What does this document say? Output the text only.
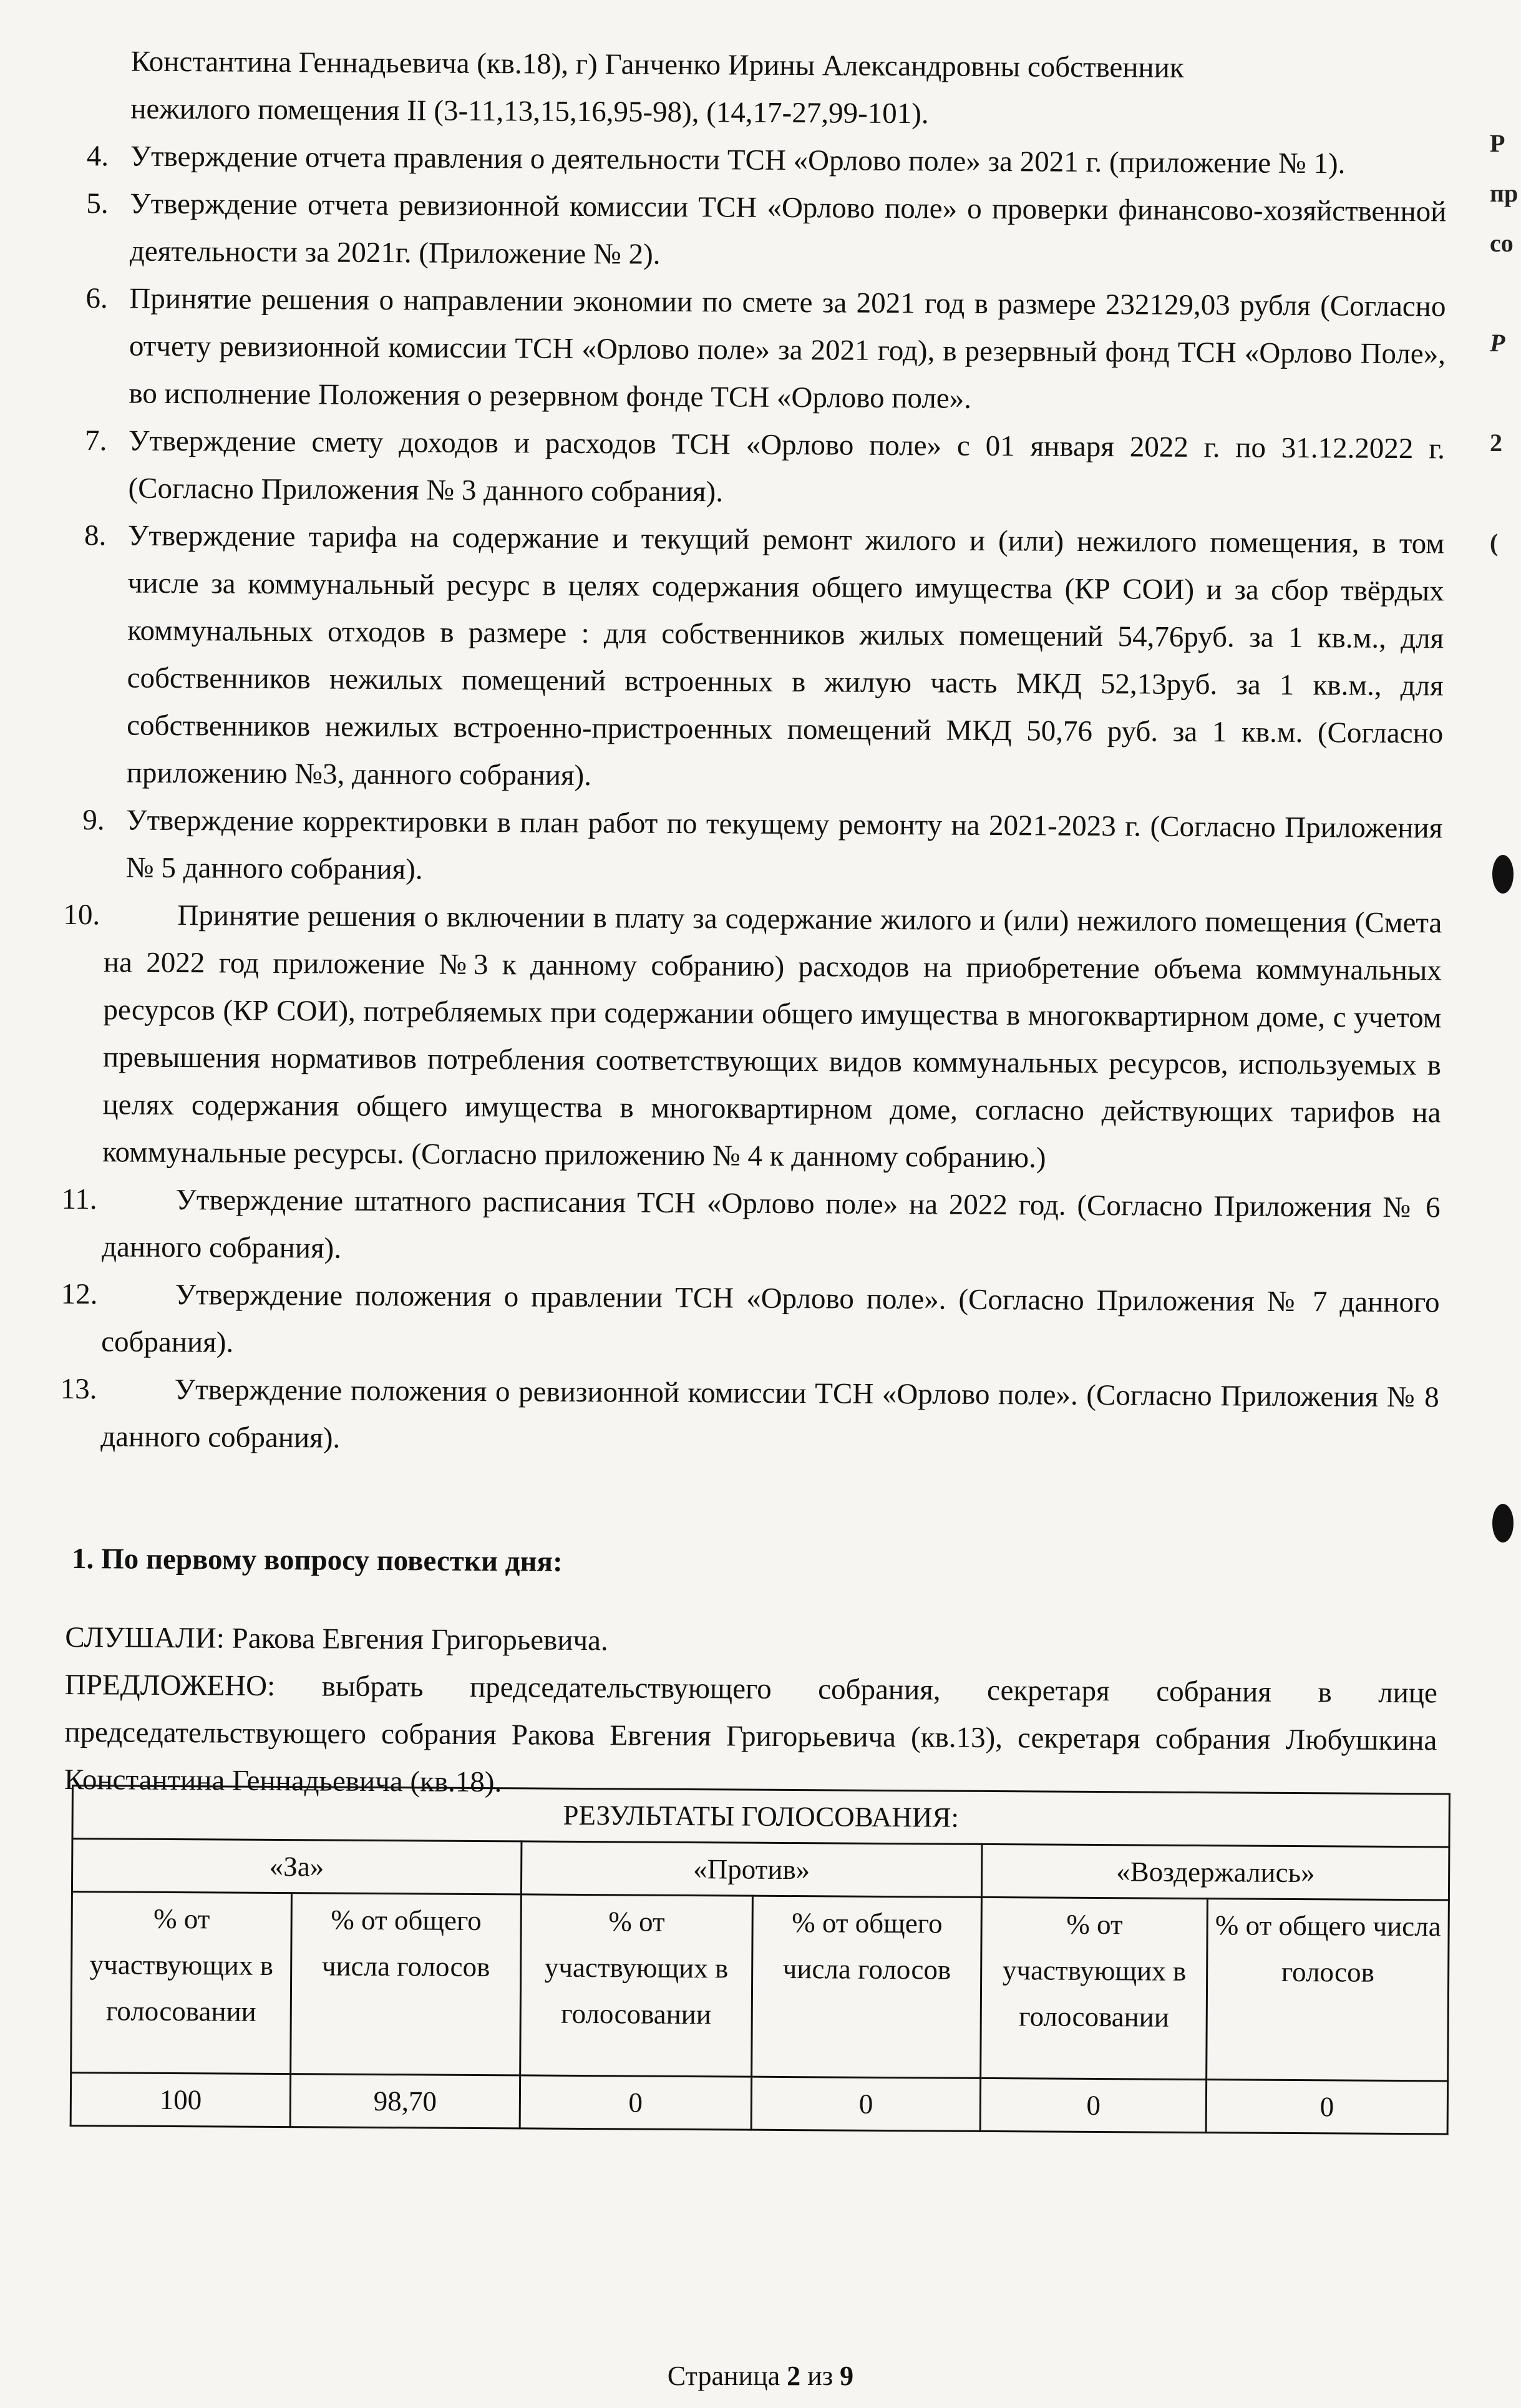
Константина Геннадьевича (кв.18), г) Ганченко Ирины Александровны собственник
нежилого помещения II (3-11,13,15,16,95-98), (14,17-27,99-101).
4. Утверждение отчета правления о деятельности ТСН «Орлово поле» за 2021 г. (приложение № 1).
5. Утверждение отчета ревизионной комиссии ТСН «Орлово поле» о проверки финансово-хозяйственной деятельности за 2021г. (Приложение № 2).
6. Принятие решения о направлении экономии по смете за 2021 год в размере 232129,03 рубля (Согласно отчету ревизионной комиссии ТСН «Орлово поле» за 2021 год), в резервный фонд ТСН «Орлово Поле», во исполнение Положения о резервном фонде ТСН «Орлово поле».
7. Утверждение смету доходов и расходов ТСН «Орлово поле» с 01 января 2022 г. по 31.12.2022 г. (Согласно Приложения № 3 данного собрания).
8. Утверждение тарифа на содержание и текущий ремонт жилого и (или) нежилого помещения, в том числе за коммунальный ресурс в целях содержания общего имущества (КР СОИ) и за сбор твёрдых коммунальных отходов в размере : для собственников жилых помещений 54,76руб. за 1 кв.м., для собственников нежилых помещений встроенных в жилую часть МКД 52,13руб. за 1 кв.м., для собственников нежилых встроенно-пристроенных помещений МКД 50,76 руб. за 1 кв.м. (Согласно приложению №3, данного собрания).
9. Утверждение корректировки в план работ по текущему ремонту на 2021-2023 г. (Согласно Приложения № 5 данного собрания).
10.	Принятие решения о включении в плату за содержание жилого и (или) нежилого помещения (Смета на 2022 год приложение №3 к данному собранию) расходов на приобретение объема коммунальных ресурсов (КР СОИ), потребляемых при содержании общего имущества в многоквартирном доме, с учетом превышения нормативов потребления соответствующих видов коммунальных ресурсов, используемых в целях содержания общего имущества в многоквартирном доме, согласно действующих тарифов на коммунальные ресурсы. (Согласно приложению № 4 к данному собранию.)
11.	Утверждение штатного расписания ТСН «Орлово поле» на 2022 год. (Согласно Приложения № 6 данного собрания).
12.	Утверждение положения о правлении ТСН «Орлово поле». (Согласно Приложения № 7 данного собрания).
13.	Утверждение положения о ревизионной комиссии ТСН «Орлово поле». (Согласно Приложения № 8 данного собрания).
1. По первому вопросу повестки дня:
СЛУШАЛИ: Ракова Евгения Григорьевича.
ПРЕДЛОЖЕНО: выбрать председательствующего собрания, секретаря собрания в лице председательствующего собрания Ракова Евгения Григорьевича (кв.13), секретаря собрания Любушкина Константина Геннадьевича (кв.18).
РЕЗУЛЬТАТЫ ГОЛОСОВАНИЯ:					
«За»		«Против»		«Воздержались»	
% от участвующих в голосовании	% от общего числа голосов	% от участвующих в голосовании	% от общего числа голосов	% от участвующих в голосовании	% от общего числа голосов
100	98,70	0	0	0	0
Страница 2 из 9
Р
пр
со
Р
2
(
